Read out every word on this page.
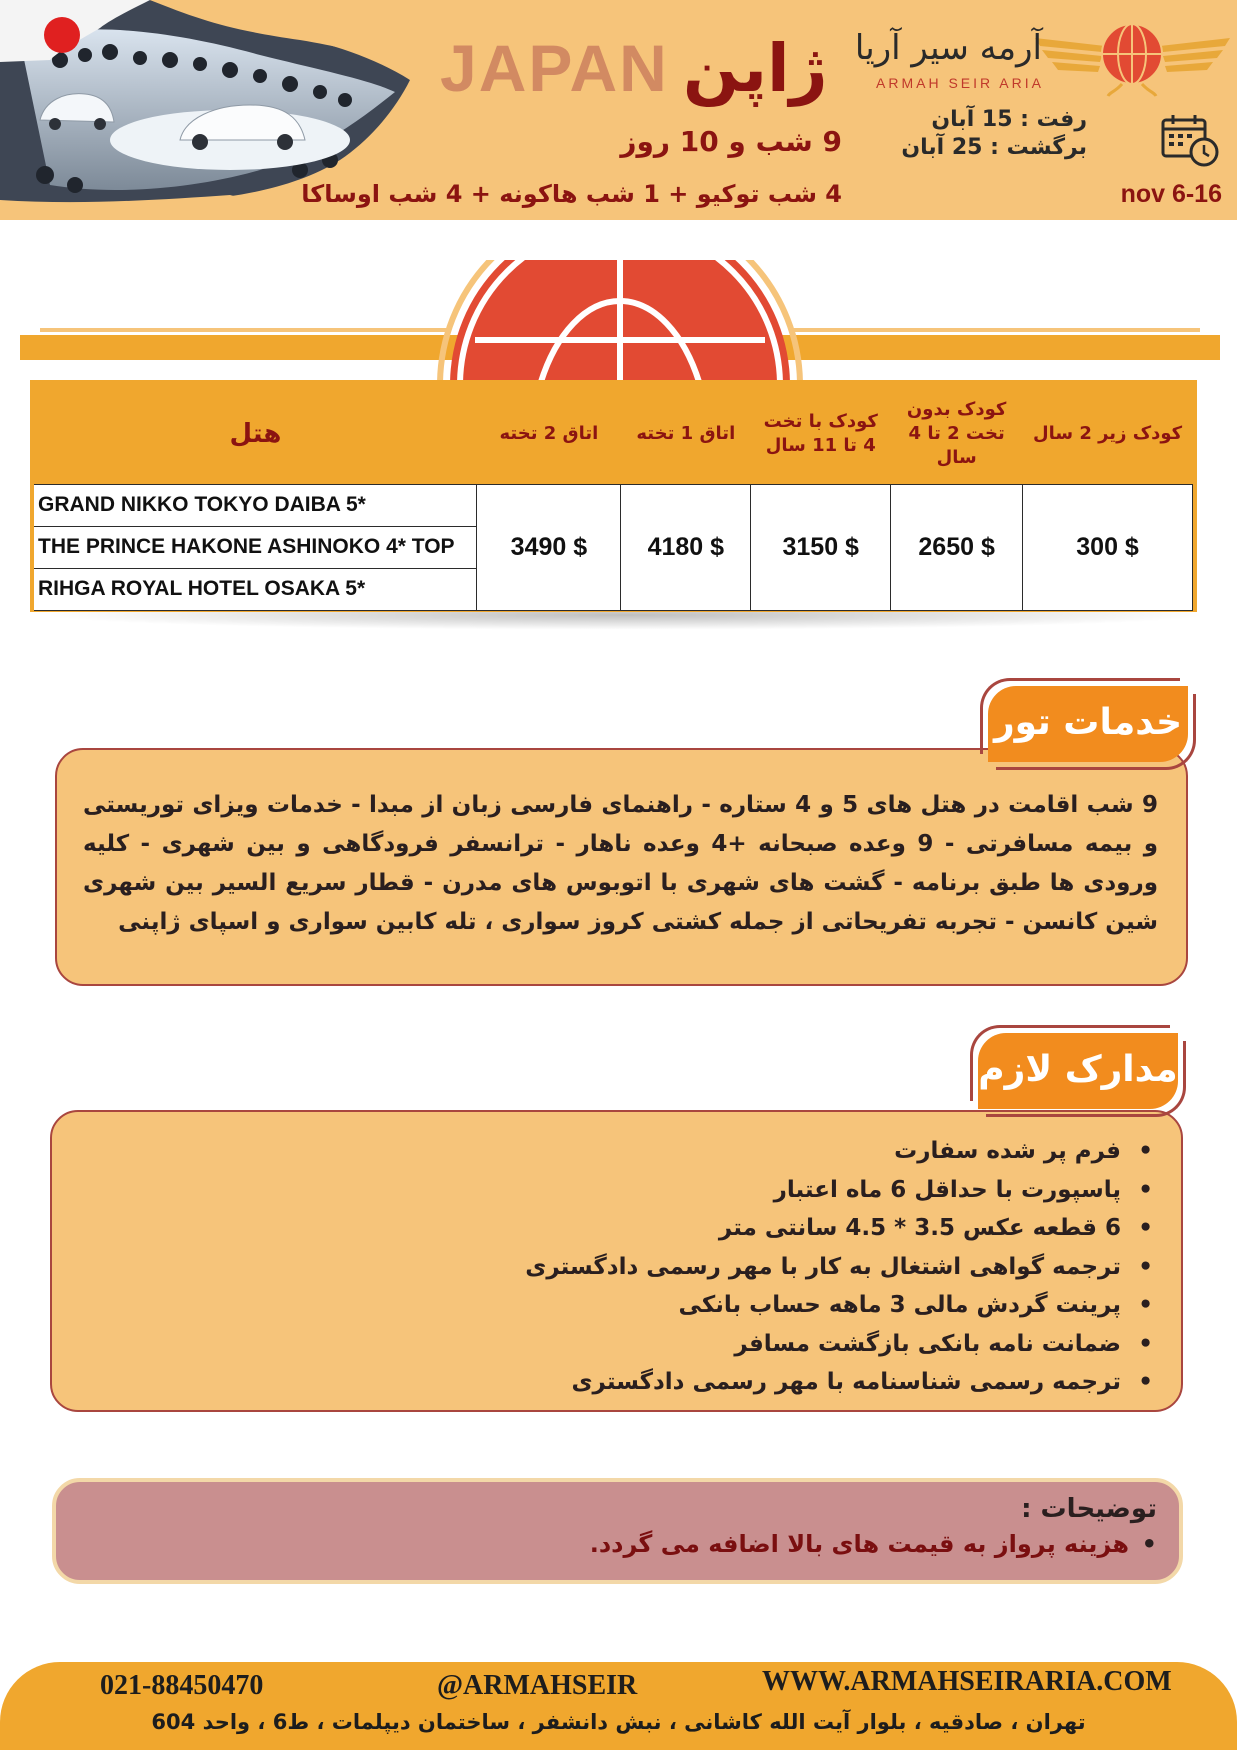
JAPAN ژاپن
9 شب و 10 روز
4 شب توکیو + 1 شب هاکونه + 4 شب اوساکا
آرمه سیر آریا
ARMAH SEIR ARIA
رفت : 15 آبان
برگشت : 25 آبان
nov 6-16
هتل	اتاق 2 تخته	اتاق 1 تخته	کودک با تخت 4 تا 11 سال	کودک بدون تخت 2 تا 4 سال	کودک زیر 2 سال
GRAND NIKKO TOKYO DAIBA 5*	3490 $	4180 $	3150 $	2650 $	300 $
THE PRINCE HAKONE ASHINOKO 4* TOP					
RIHGA ROYAL HOTEL OSAKA 5*					

9 شب اقامت در هتل های 5 و 4 ستاره - راهنمای فارسی زبان از مبدا - خدمات ویزای توریستی و بیمه مسافرتی - 9 وعده صبحانه +4 وعده ناهار - ترانسفر فرودگاهی و بین شهری - کلیه ورودی ها طبق برنامه - گشت های شهری با اتوبوس های مدرن - قطار سریع السیر بین شهری شین کانسن - تجربه تفریحاتی از جمله کشتی کروز سواری ، تله کابین سواری و اسپای ژاپنی

خدمات تور
• فرم پر شده سفارت
• پاسپورت با حداقل 6 ماه اعتبار
• 6 قطعه عکس 3.5 * 4.5 سانتی متر
• ترجمه گواهی اشتغال به کار با مهر رسمی دادگستری
• پرینت گردش مالی 3 ماهه حساب بانکی
• ضمانت نامه بانکی بازگشت مسافر
• ترجمه رسمی شناسنامه با مهر رسمی دادگستری
مدارک لازم
توضیحات :
• هزینه پرواز به قیمت های بالا اضافه می گردد.
021-88450470	@ARMAHSEIR	WWW.ARMAHSEIRARIA.COM
تهران ، صادقیه ، بلوار آیت الله کاشانی ، نبش دانشفر ، ساختمان دیپلمات ، ط6 ، واحد 604
